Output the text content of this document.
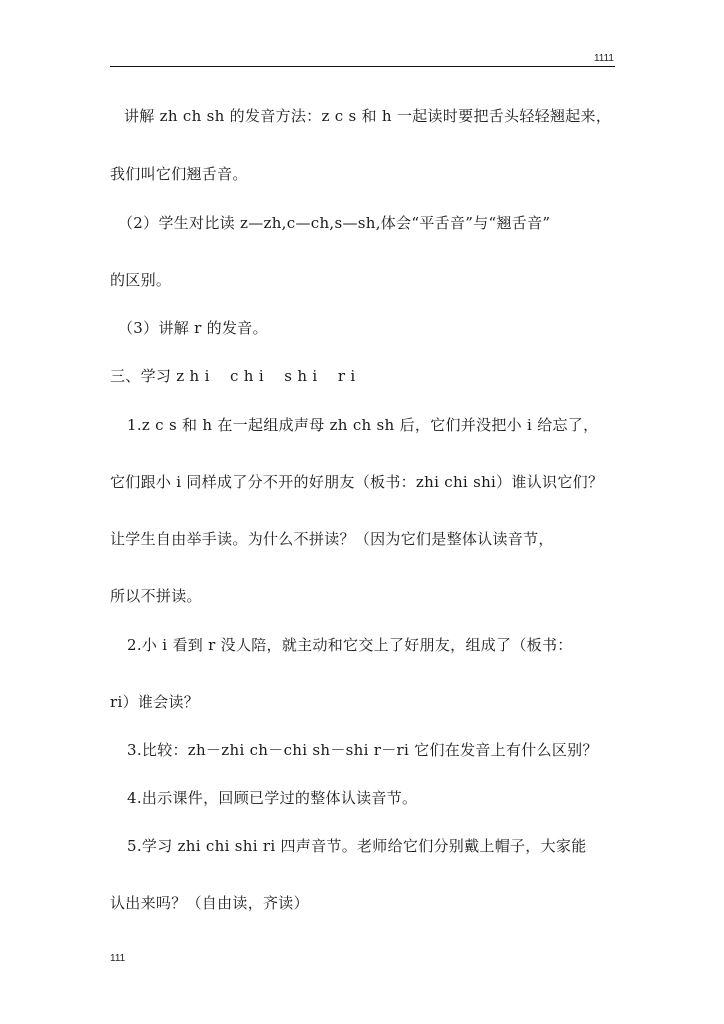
1111
讲解 zh ch sh 的发音方法：z c s 和 h 一起读时要把舌头轻轻翘起来，
我们叫它们翘舌音。
（2）学生对比读 z—zh,c—ch,s—sh,体会“平舌音”与“翘舌音”
的区别。
（3）讲解 r 的发音。
三、学习 z h i　 c h i　 s h i　 r i
1.z c s 和 h 在一起组成声母 zh ch sh 后，它们并没把小 i 给忘了，
它们跟小 i 同样成了分不开的好朋友（板书：zhi chi shi）谁认识它们？
让学生自由举手读。为什么不拼读？（因为它们是整体认读音节，
所以不拼读。
2.小 i 看到 r 没人陪，就主动和它交上了好朋友，组成了（板书：
ri）谁会读？
3.比较：zh－zhi ch－chi sh－shi r－ri 它们在发音上有什么区别？
4.出示课件，回顾已学过的整体认读音节。
5.学习 zhi chi shi ri 四声音节。老师给它们分别戴上帽子，大家能
认出来吗？（自由读，齐读）
111
